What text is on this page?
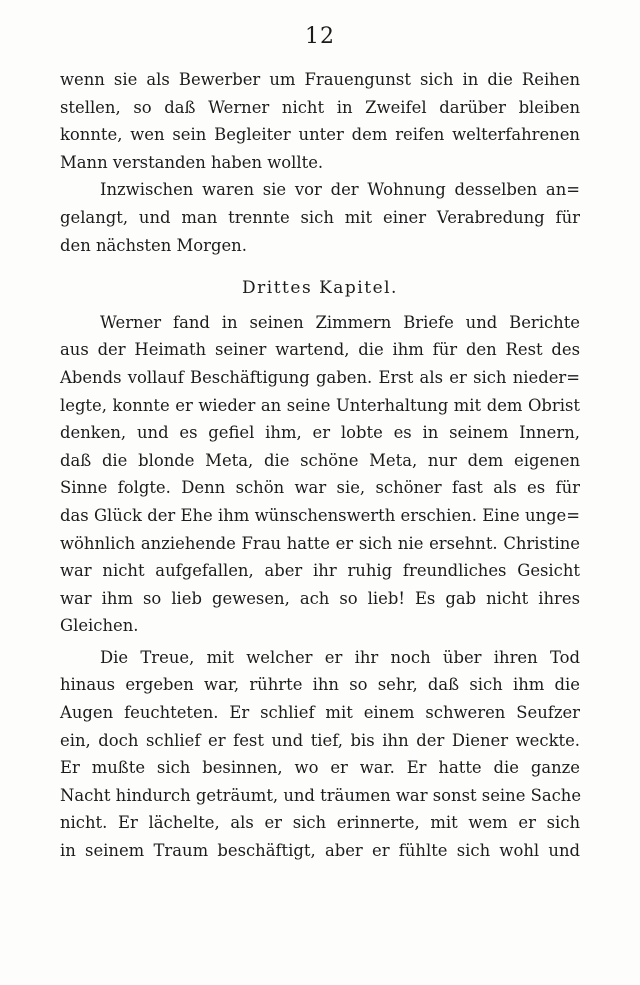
12
wenn sie als Bewerber um Frauengunst sich in die Reihen
stellen, so daß Werner nicht in Zweifel darüber bleiben
konnte, wen sein Begleiter unter dem reifen welterfahrenen
Mann verstanden haben wollte.
Inzwischen waren sie vor der Wohnung desselben an=
gelangt, und man trennte sich mit einer Verabredung für
den nächsten Morgen.
Drittes Kapitel.
Werner fand in seinen Zimmern Briefe und Berichte
aus der Heimath seiner wartend, die ihm für den Rest des
Abends vollauf Beschäftigung gaben. Erst als er sich nieder=
legte, konnte er wieder an seine Unterhaltung mit dem Obrist
denken, und es gefiel ihm, er lobte es in seinem Innern,
daß die blonde Meta, die schöne Meta, nur dem eigenen
Sinne folgte. Denn schön war sie, schöner fast als es für
das Glück der Ehe ihm wünschenswerth erschien. Eine unge=
wöhnlich anziehende Frau hatte er sich nie ersehnt. Christine
war nicht aufgefallen, aber ihr ruhig freundliches Gesicht
war ihm so lieb gewesen, ach so lieb! Es gab nicht ihres
Gleichen.
Die Treue, mit welcher er ihr noch über ihren Tod
hinaus ergeben war, rührte ihn so sehr, daß sich ihm die
Augen feuchteten. Er schlief mit einem schweren Seufzer
ein, doch schlief er fest und tief, bis ihn der Diener weckte.
Er mußte sich besinnen, wo er war. Er hatte die ganze
Nacht hindurch geträumt, und träumen war sonst seine Sache
nicht. Er lächelte, als er sich erinnerte, mit wem er sich
in seinem Traum beschäftigt, aber er fühlte sich wohl und
